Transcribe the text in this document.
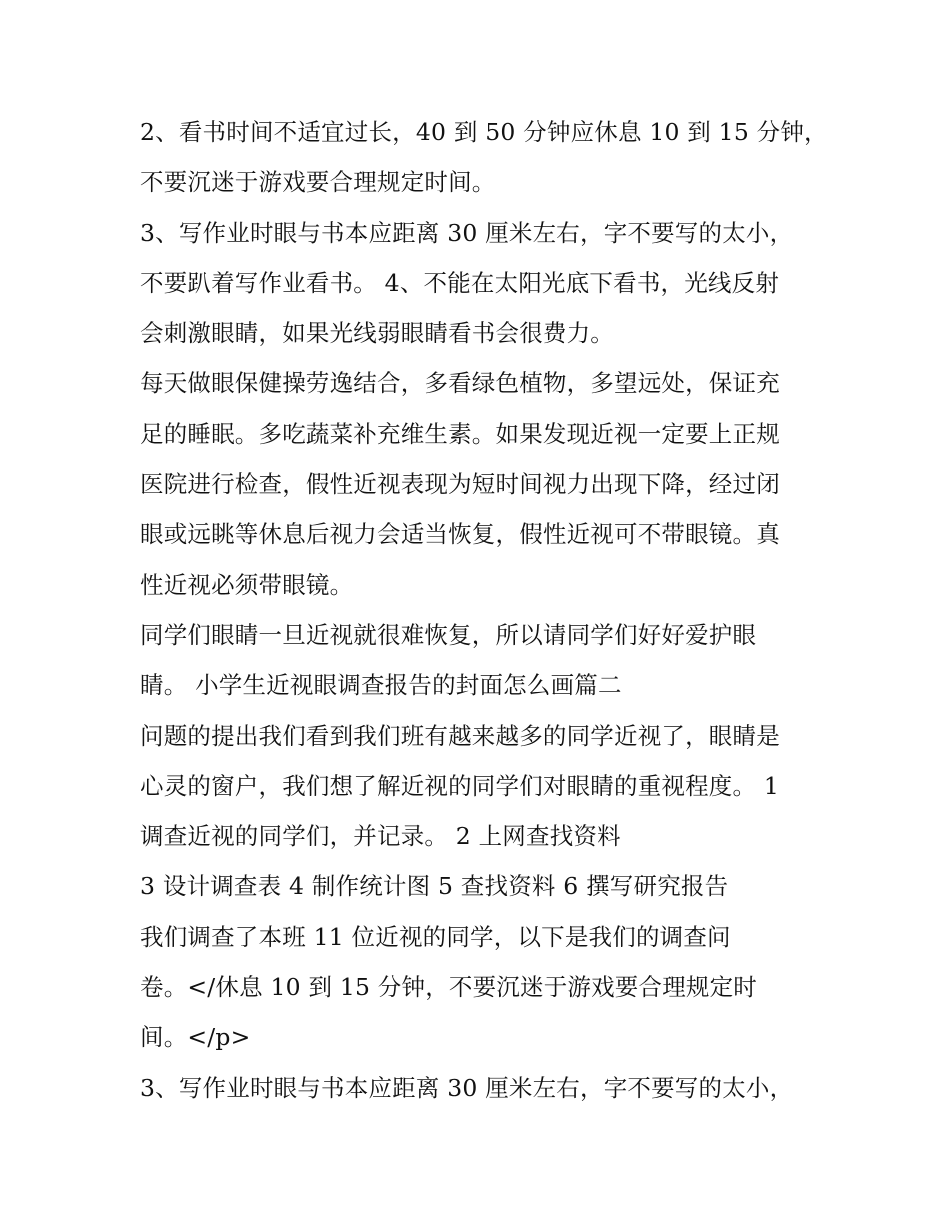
2、看书时间不适宜过长，40 到 50 分钟应休息 10 到 15 分钟，
不要沉迷于游戏要合理规定时间。
3、写作业时眼与书本应距离 30 厘米左右，字不要写的太小，
不要趴着写作业看书。 4、不能在太阳光底下看书，光线反射
会刺激眼睛，如果光线弱眼睛看书会很费力。
每天做眼保健操劳逸结合，多看绿色植物，多望远处，保证充
足的睡眠。多吃蔬菜补充维生素。如果发现近视一定要上正规
医院进行检查，假性近视表现为短时间视力出现下降，经过闭
眼或远眺等休息后视力会适当恢复，假性近视可不带眼镜。真
性近视必须带眼镜。
同学们眼睛一旦近视就很难恢复，所以请同学们好好爱护眼
睛。 小学生近视眼调查报告的封面怎么画篇二
问题的提出我们看到我们班有越来越多的同学近视了，眼睛是
心灵的窗户，我们想了解近视的同学们对眼睛的重视程度。 1
调查近视的同学们，并记录。 2 上网查找资料
3 设计调查表 4 制作统计图 5 查找资料 6 撰写研究报告
我们调查了本班 11 位近视的同学，以下是我们的调查问
卷。</休息 10 到 15 分钟，不要沉迷于游戏要合理规定时
间。</p>
3、写作业时眼与书本应距离 30 厘米左右，字不要写的太小，
